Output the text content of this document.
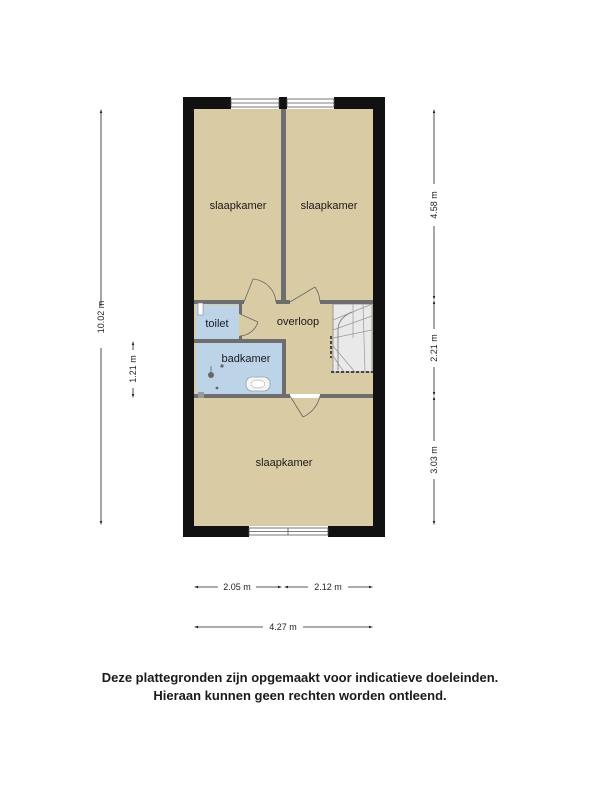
slaapkamer	slaapkamer
toilet	overloop
badkamer
slaapkamer
10.02 m
1.21 m
4.58 m
2.21 m
3.03 m
2.05 m	2.12 m
4.27 m
Deze plattegronden zijn opgemaakt voor indicatieve doeleinden.
Hieraan kunnen geen rechten worden ontleend.
